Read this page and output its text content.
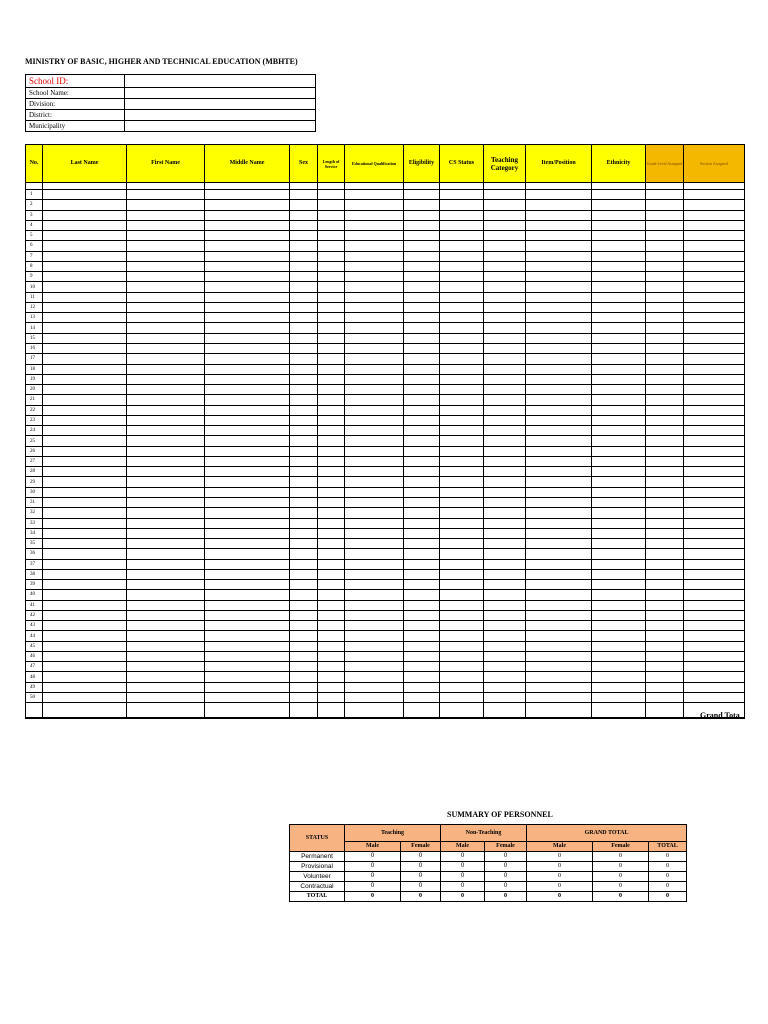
MINISTRY OF BASIC, HIGHER AND TECHNICAL EDUCATION (MBHTE)
School ID:	
School Name:	
Division:	
District:	
Municipality	
No.	Last Name	First Name	Middle Name	Sex	Length of Service	Educational Qualification	Eligibility	CS Status	Teaching Category	Item/Position	Ethnicity	Grade Level Assigned	Section Assigned

1													
2													
3													
4													
5													
6													
7													
8													
9													
10													
11													
12													
13													
14													
15													
16													
17													
18													
19													
20													
21													
22													
23													
24													
25													
26													
27													
28													
29													
30													
31													
32													
33													
34													
35													
36													
37													
38													
39													
40													
41													
42													
43													
44													
45													
46													
47													
48													
49													
50													

Grand Tota
SUMMARY OF PERSONNEL
STATUS	Teaching		Non-Teaching		GRAND TOTAL		
	Male	Female	Male	Female	Male	Female	TOTAL
Permanent	0	0	0	0	0	0	0
Provisional	0	0	0	0	0	0	0
Volunteer	0	0	0	0	0	0	0
Contractual	0	0	0	0	0	0	0
TOTAL	0	0	0	0	0	0	0
